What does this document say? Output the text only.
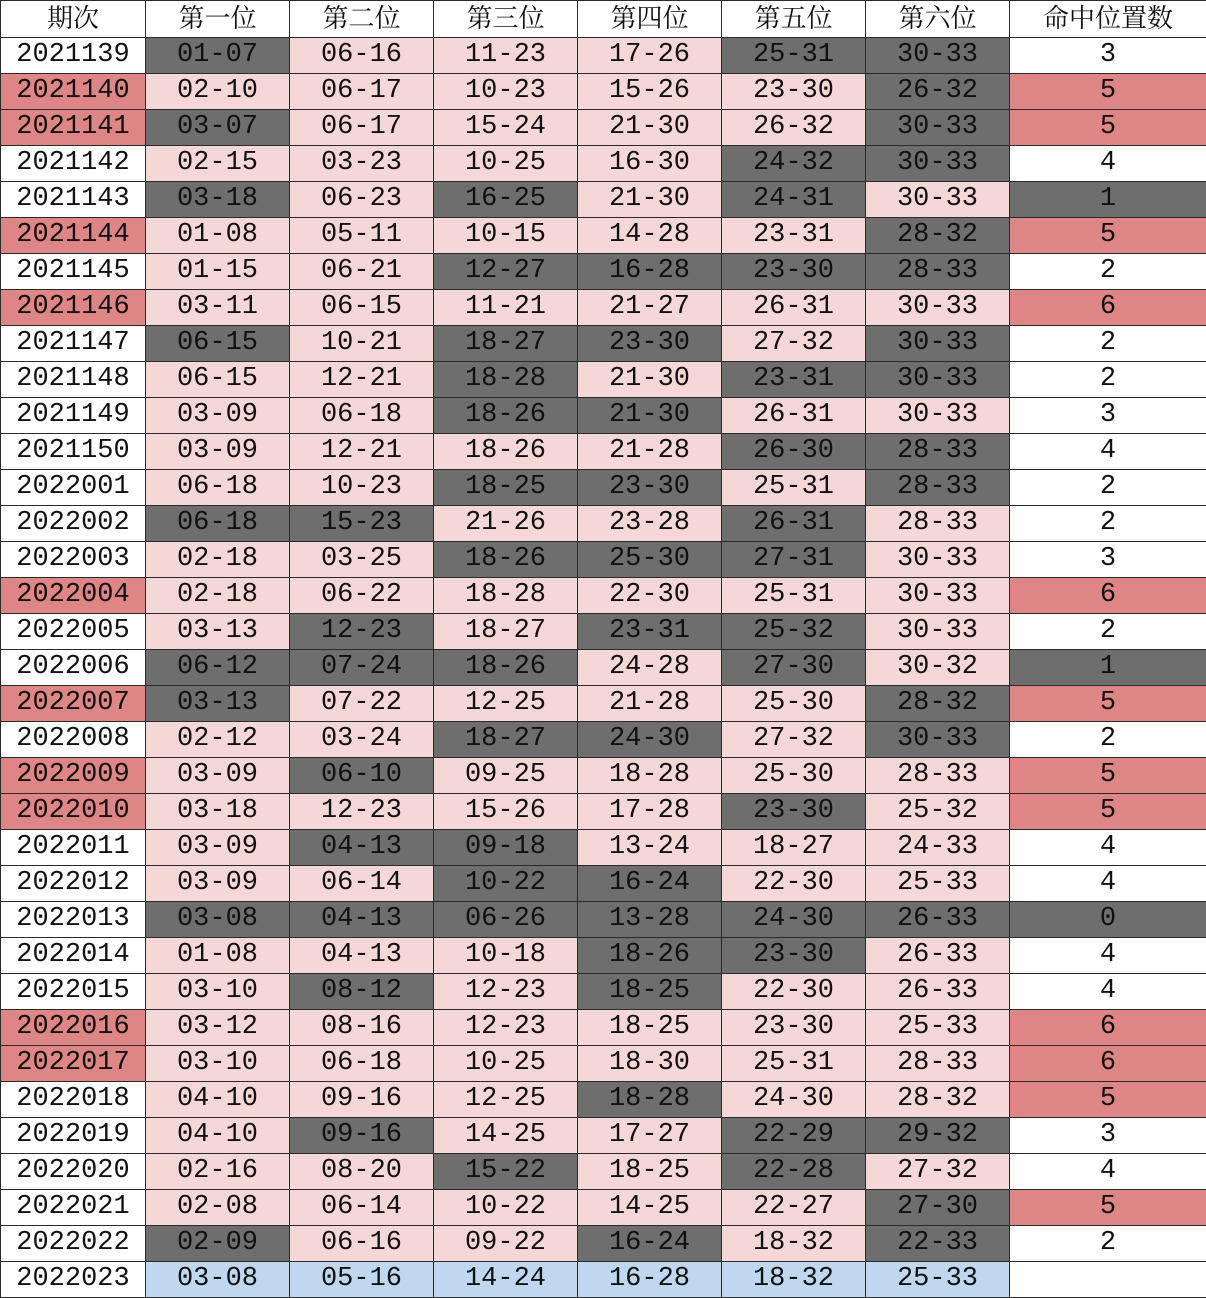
期次	第一位	第二位	第三位	第四位	第五位	第六位	命中位置数
2021139	01-07	06-16	11-23	17-26	25-31	30-33	3
2021140	02-10	06-17	10-23	15-26	23-30	26-32	5
2021141	03-07	06-17	15-24	21-30	26-32	30-33	5
2021142	02-15	03-23	10-25	16-30	24-32	30-33	4
2021143	03-18	06-23	16-25	21-30	24-31	30-33	1
2021144	01-08	05-11	10-15	14-28	23-31	28-32	5
2021145	01-15	06-21	12-27	16-28	23-30	28-33	2
2021146	03-11	06-15	11-21	21-27	26-31	30-33	6
2021147	06-15	10-21	18-27	23-30	27-32	30-33	2
2021148	06-15	12-21	18-28	21-30	23-31	30-33	2
2021149	03-09	06-18	18-26	21-30	26-31	30-33	3
2021150	03-09	12-21	18-26	21-28	26-30	28-33	4
2022001	06-18	10-23	18-25	23-30	25-31	28-33	2
2022002	06-18	15-23	21-26	23-28	26-31	28-33	2
2022003	02-18	03-25	18-26	25-30	27-31	30-33	3
2022004	02-18	06-22	18-28	22-30	25-31	30-33	6
2022005	03-13	12-23	18-27	23-31	25-32	30-33	2
2022006	06-12	07-24	18-26	24-28	27-30	30-32	1
2022007	03-13	07-22	12-25	21-28	25-30	28-32	5
2022008	02-12	03-24	18-27	24-30	27-32	30-33	2
2022009	03-09	06-10	09-25	18-28	25-30	28-33	5
2022010	03-18	12-23	15-26	17-28	23-30	25-32	5
2022011	03-09	04-13	09-18	13-24	18-27	24-33	4
2022012	03-09	06-14	10-22	16-24	22-30	25-33	4
2022013	03-08	04-13	06-26	13-28	24-30	26-33	0
2022014	01-08	04-13	10-18	18-26	23-30	26-33	4
2022015	03-10	08-12	12-23	18-25	22-30	26-33	4
2022016	03-12	08-16	12-23	18-25	23-30	25-33	6
2022017	03-10	06-18	10-25	18-30	25-31	28-33	6
2022018	04-10	09-16	12-25	18-28	24-30	28-32	5
2022019	04-10	09-16	14-25	17-27	22-29	29-32	3
2022020	02-16	08-20	15-22	18-25	22-28	27-32	4
2022021	02-08	06-14	10-22	14-25	22-27	27-30	5
2022022	02-09	06-16	09-22	16-24	18-32	22-33	2
2022023	03-08	05-16	14-24	16-28	18-32	25-33	
